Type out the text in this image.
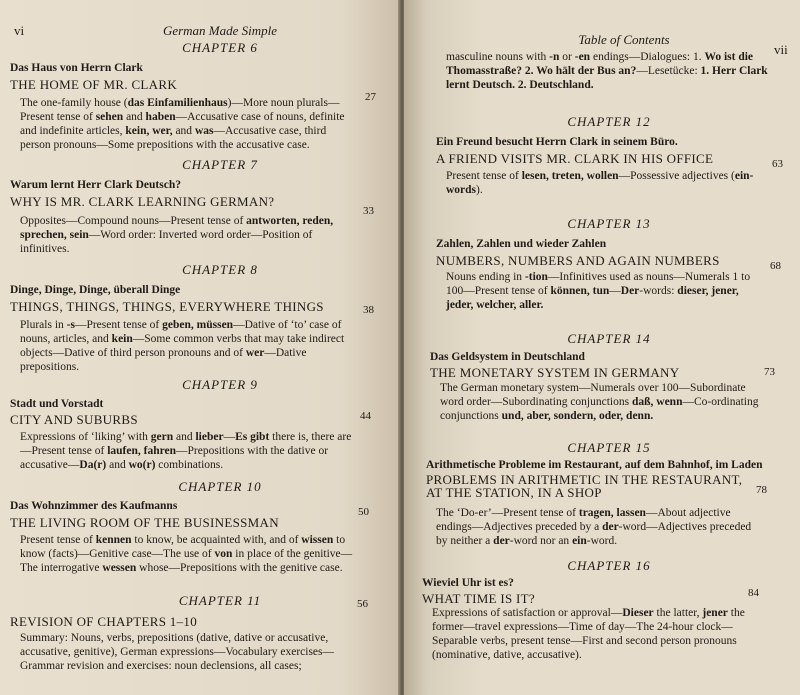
vi	German Made Simple
CHAPTER 6
Das Haus von Herrn Clark
THE HOME OF MR. CLARK
27
The one-family house (das Einfamilienhaus)—More noun plurals—Present tense of sehen and haben—Accusative case of nouns, definite and indefinite articles, kein, wer, and was—Accusative case, third person pronouns—Some prepositions with the accusative case.
CHAPTER 7
Warum lernt Herr Clark Deutsch?
WHY IS MR. CLARK LEARNING GERMAN?
33
Opposites—Compound nouns—Present tense of antworten, reden, sprechen, sein—Word order: Inverted word order—Position of infinitives.
CHAPTER 8
Dinge, Dinge, Dinge, überall Dinge
THINGS, THINGS, THINGS, EVERYWHERE THINGS	38
Plurals in -s—Present tense of geben, müssen—Dative of ‘to’ case of nouns, articles, and kein—Some common verbs that may take indirect objects—Dative of third person pronouns and of wer—Dative prepositions.
CHAPTER 9
Stadt und Vorstadt
CITY AND SUBURBS	44
Expressions of ‘liking’ with gern and lieber—Es gibt there is, there are—Present tense of laufen, fahren—Prepositions with the dative or accusative—Da(r) and wo(r) combinations.
CHAPTER 10
Das Wohnzimmer des Kaufmanns
THE LIVING ROOM OF THE BUSINESSMAN
50
Present tense of kennen to know, be acquainted with, and of wissen to know (facts)—Genitive case—The use of von in place of the genitive—The interrogative wessen whose—Prepositions with the genitive case.
CHAPTER 11
REVISION OF CHAPTERS 1–10
56
Summary: Nouns, verbs, prepositions (dative, dative or accusative, accusative, genitive), German expressions—Vocabulary exercises—Grammar revision and exercises: noun declensions, all cases;
Table of Contents
vii
masculine nouns with -n or -en endings—Dialogues: 1. Wo ist die Thomasstraße? 2. Wo hält der Bus an?—Lesetücke: 1. Herr Clark lernt Deutsch. 2. Deutschland.
CHAPTER 12
Ein Freund besucht Herrn Clark in seinem Büro.
A FRIEND VISITS MR. CLARK IN HIS OFFICE	63
Present tense of lesen, treten, wollen—Possessive adjectives (ein-words).
CHAPTER 13
Zahlen, Zahlen und wieder Zahlen
NUMBERS, NUMBERS AND AGAIN NUMBERS	68
Nouns ending in -tion—Infinitives used as nouns—Numerals 1 to 100—Present tense of können, tun—Der-words: dieser, jener, jeder, welcher, aller.
CHAPTER 14
Das Geldsystem in Deutschland
THE MONETARY SYSTEM IN GERMANY	73
The German monetary system—Numerals over 100—Subordinate word order—Subordinating conjunctions daß, wenn—Co-ordinating conjunctions und, aber, sondern, oder, denn.
CHAPTER 15
Arithmetische Probleme im Restaurant, auf dem Bahnhof, im Laden
PROBLEMS IN ARITHMETIC IN THE RESTAURANT, AT THE STATION, IN A SHOP	78
The ‘Do-er’—Present tense of tragen, lassen—About adjective endings—Adjectives preceded by a der-word—Adjectives preceded by neither a der-word nor an ein-word.
CHAPTER 16
Wieviel Uhr ist es?
WHAT TIME IS IT?	84
Expressions of satisfaction or approval—Dieser the latter, jener the former—travel expressions—Time of day—The 24-hour clock—Separable verbs, present tense—First and second person pronouns (nominative, dative, accusative).
